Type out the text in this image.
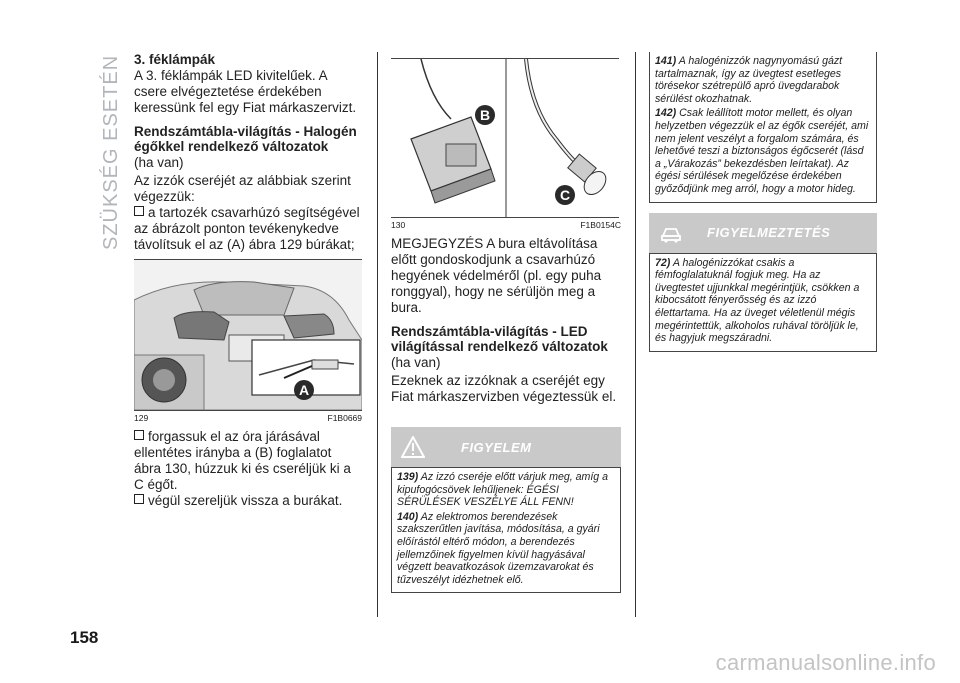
SZÜKSÉG ESETÉN 3. féklámpák

A 3. féklámpák LED kivitelűek. A csere elvégeztetése érdekében keressünk fel egy Fiat márkaszervizt.

Rendszámtábla-világítás - Halogén égőkkel rendelkező változatok

(ha van)

Az izzók cseréjét az alábbiak szerint végezzük:

a tartozék csavarhúzó segítségével az ábrázolt ponton tevékenykedve távolítsuk el az (A) ábra 129 búrákat;
A
129	F1B0669
forgassuk el az óra járásával ellentétes irányba a (B) foglalatot ábra 130, húzzuk ki és cseréljük ki a C égőt.
végül szereljük vissza a burákat.
B
C
130	F1B0154C

MEGJEGYZÉS A bura eltávolítása előtt gondoskodjunk a csavarhúzó hegyének védelméről (pl. egy puha ronggyal), hogy ne sérüljön meg a bura.

Rendszámtábla-világítás - LED világítással rendelkező változatok

(ha van)

Ezeknek az izzóknak a cseréjét egy Fiat márkaszervizben végeztessük el.

FIGYELEM

139) Az izzó cseréje előtt várjuk meg, amíg a kipufogócsövek lehűljenek: ÉGÉSI SÉRÜLÉSEK VESZÉLYE ÁLL FENN!

140) Az elektromos berendezések szakszerűtlen javítása, módosítása, a gyári előírástól eltérő módon, a berendezés jellemzőinek figyelmen kívül hagyásával végzett beavatkozások üzemzavarokat és tűzveszélyt idézhetnek elő.

141) A halogénizzók nagynyomású gázt tartalmaznak, így az üvegtest esetleges törésekor szétrepülő apró üvegdarabok sérülést okozhatnak.

142) Csak leállított motor mellett, és olyan helyzetben végezzük el az égők cseréjét, ami nem jelent veszélyt a forgalom számára, és lehetővé teszi a biztonságos égőcserét (lásd a „Várakozás” bekezdésben leírtakat). Az égési sérülések megelőzése érdekében győződjünk meg arról, hogy a motor hideg.

FIGYELMEZTETÉS

72) A halogénizzókat csakis a fémfoglalatuknál fogjuk meg. Ha az üvegtestet ujjunkkal megérintjük, csökken a kibocsátott fényerősség és az izzó élettartama. Ha az üveget véletlenül mégis megérintettük, alkoholos ruhával töröljük le, és hagyjuk megszáradni.

158
carmanualsonline.info
